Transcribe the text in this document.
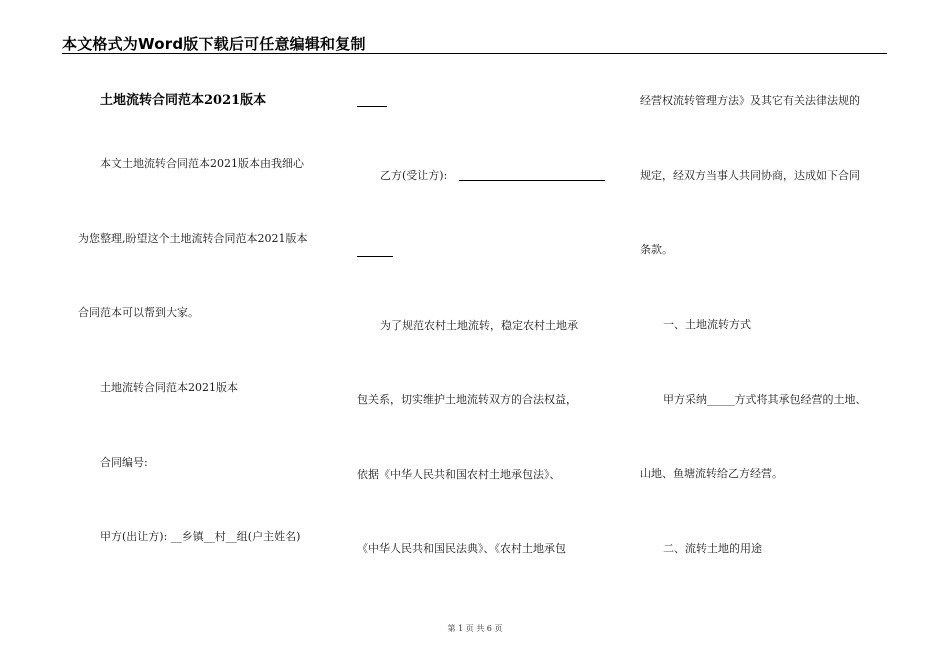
本文格式为Word版下载后可任意编辑和复制
土地流转合同范本2021版本
本文土地流转合同范本2021版本由我细心
为您整理,盼望这个土地流转合同范本2021版本
合同范本可以帮到大家。
土地流转合同范本2021版本
合同编号:
甲方(出让方): __乡镇__村__组(户主姓名)
乙方(受让方):
为了规范农村土地流转，稳定农村土地承
包关系，切实维护土地流转双方的合法权益，
依据《中华人民共和国农村土地承包法》、
《中华人民共和国民法典》、《农村土地承包
经营权流转管理方法》及其它有关法律法规的
规定，经双方当事人共同协商，达成如下合同
条款。
一、土地流转方式
甲方采纳_____方式将其承包经营的土地、
山地、鱼塘流转给乙方经营。
二、流转土地的用途
第 1 页 共 6 页
